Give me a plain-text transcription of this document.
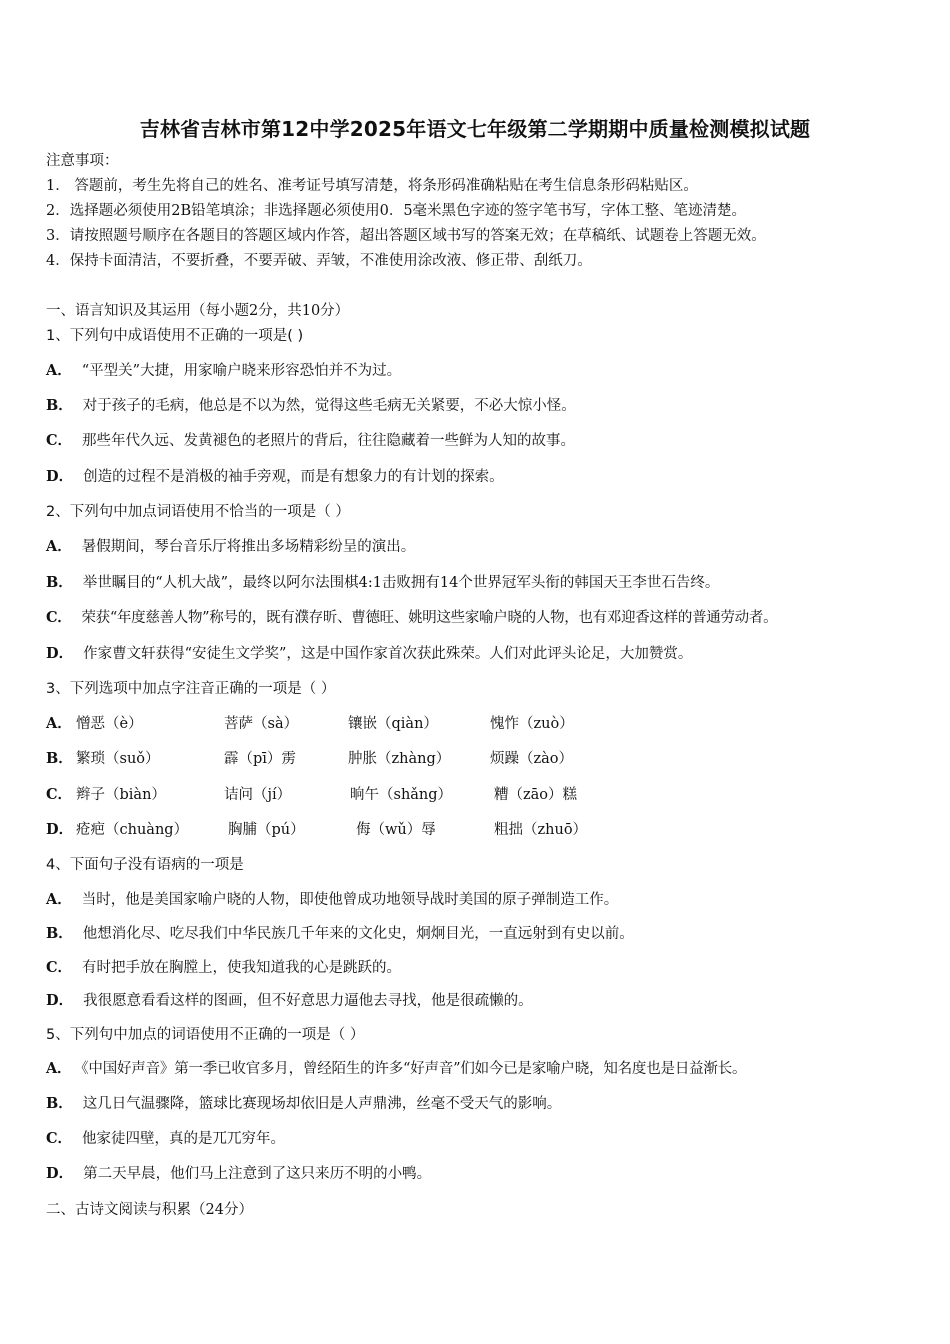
吉林省吉林市第12中学2025年语文七年级第二学期期中质量检测模拟试题
注意事项：
1． 答题前，考生先将自己的姓名、准考证号填写清楚，将条形码准确粘贴在考生信息条形码粘贴区。
2．选择题必须使用2B铅笔填涂；非选择题必须使用0．5毫米黑色字迹的签字笔书写，字体工整、笔迹清楚。
3．请按照题号顺序在各题目的答题区域内作答，超出答题区域书写的答案无效；在草稿纸、试题卷上答题无效。
4．保持卡面清洁，不要折叠，不要弄破、弄皱，不准使用涂改液、修正带、刮纸刀。
一、语言知识及其运用（每小题2分，共10分）
1、下列句中成语使用不正确的一项是( )
A． “平型关”大捷，用家喻户晓来形容恐怕并不为过。
B． 对于孩子的毛病，他总是不以为然，觉得这些毛病无关紧要，不必大惊小怪。
C． 那些年代久远、发黄褪色的老照片的背后，往往隐藏着一些鲜为人知的故事。
D． 创造的过程不是消极的袖手旁观，而是有想象力的有计划的探索。
2、下列句中加点词语使用不恰当的一项是（ ）
A． 暑假期间，琴台音乐厅将推出多场精彩纷呈的演出。
B． 举世瞩目的“人机大战”，最终以阿尔法围棋4:1击败拥有14个世界冠军头衔的韩国天王李世石告终。
C． 荣获“年度慈善人物”称号的，既有濮存昕、曹德旺、姚明这些家喻户晓的人物，也有邓迎香这样的普通劳动者。
D． 作家曹文轩获得“安徒生文学奖”，这是中国作家首次获此殊荣。人们对此评头论足，大加赞赏。
3、下列选项中加点字注音正确的一项是（ ）
A． 憎恶（è）	菩萨（sà）	镶嵌（qiàn）	愧怍（zuò）
B． 繁琐（suǒ）	霹（pī）雳	肿胀（zhàng）	烦躁（zào）
C． 辫子（biàn）	诘问（jí）	晌午（shǎng）	糟（zāo）糕
D． 疮疤（chuàng）	胸脯（pú）	侮（wǔ）辱	粗拙（zhuō）
4、下面句子没有语病的一项是
A． 当时，他是美国家喻户晓的人物，即使他曾成功地领导战时美国的原子弹制造工作。
B． 他想消化尽、吃尽我们中华民族几千年来的文化史，炯炯目光，一直远射到有史以前。
C． 有时把手放在胸膛上，使我知道我的心是跳跃的。
D． 我很愿意看看这样的图画，但不好意思力逼他去寻找，他是很疏懒的。
5、下列句中加点的词语使用不正确的一项是（ ）
A． 《中国好声音》第一季已收官多月，曾经陌生的许多“好声音”们如今已是家喻户晓，知名度也是日益渐长。
B． 这几日气温骤降，篮球比赛现场却依旧是人声鼎沸，丝毫不受天气的影响。
C． 他家徒四壁，真的是兀兀穷年。
D． 第二天早晨，他们马上注意到了这只来历不明的小鸭。
二、古诗文阅读与积累（24分）
